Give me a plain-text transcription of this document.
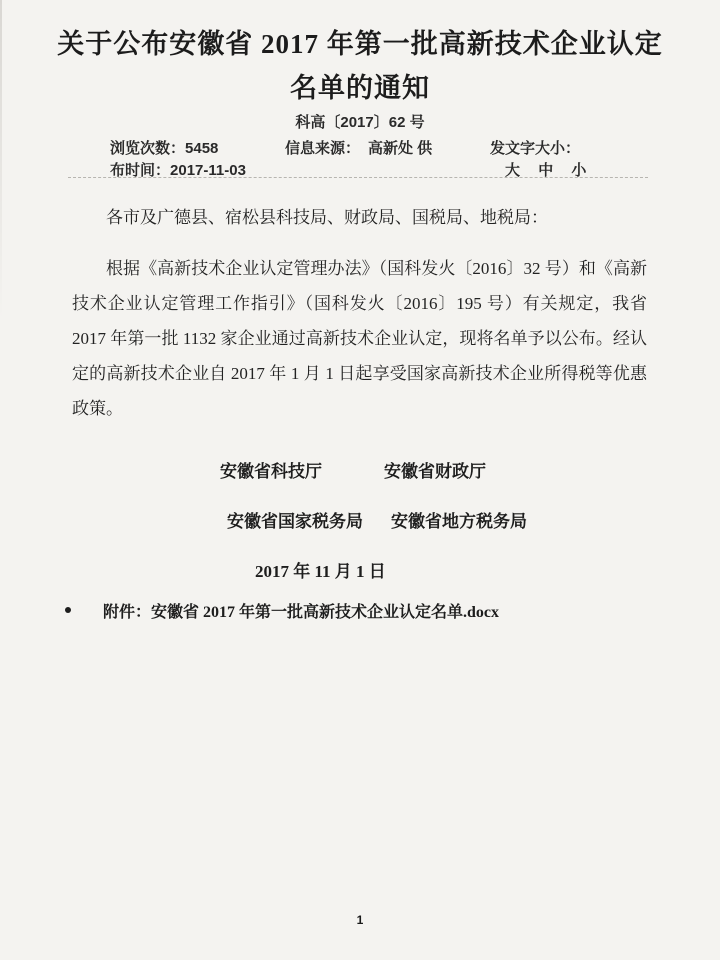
关于公布安徽省 2017 年第一批高新技术企业认定
名单的通知
科高〔2017〕62 号
浏览次数：5458	信息来源： 高新处 供	发文字大小：
布时间：2017-11-03	大 中 小
各市及广德县、宿松县科技局、财政局、国税局、地税局：
根据《高新技术企业认定管理办法》（国科发火〔2016〕32 号）和《高新技术企业认定管理工作指引》（国科发火〔2016〕195 号）有关规定，我省 2017 年第一批 1132 家企业通过高新技术企业认定，现将名单予以公布。经认定的高新技术企业自 2017 年 1 月 1 日起享受国家高新技术企业所得税等优惠政策。
安徽省科技厅	安徽省财政厅
安徽省国家税务局 安徽省地方税务局
2017 年 11 月 1 日
附件：安徽省 2017 年第一批高新技术企业认定名单.docx
1
